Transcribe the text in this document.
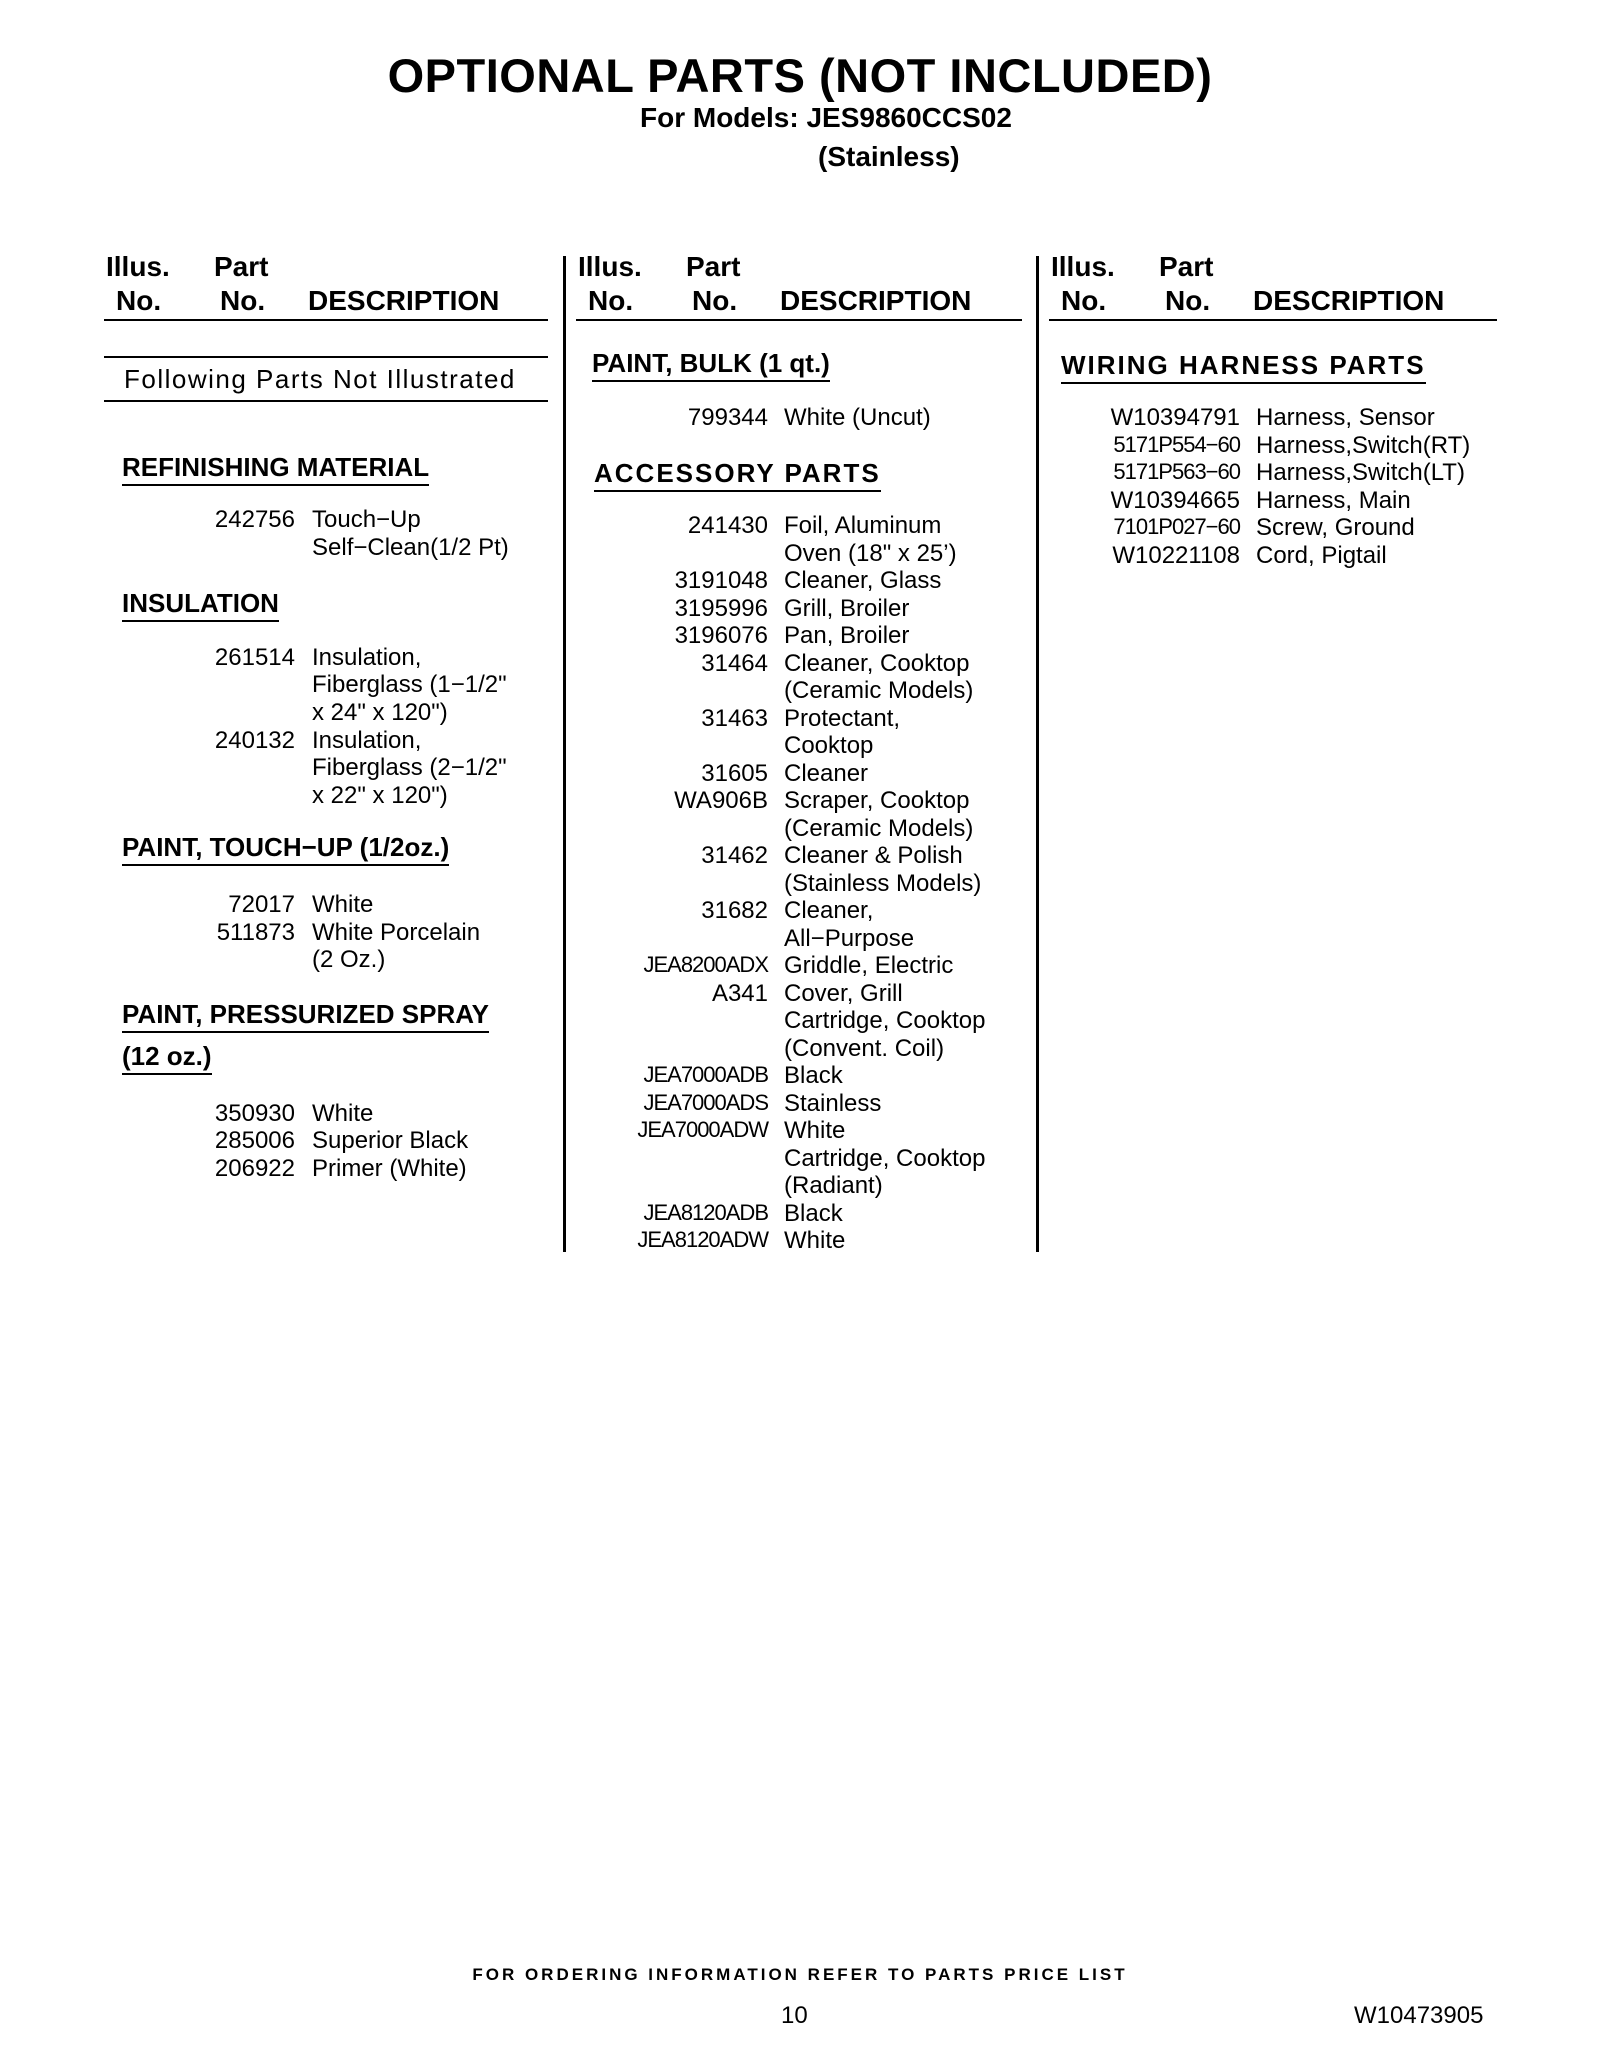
OPTIONAL PARTS (NOT INCLUDED)
For Models: JES9860CCS02
(Stainless)
Illus.
No.
Part
No. DESCRIPTION
Illus.
No.
Part
No. DESCRIPTION
Illus.
No.
Part
No. DESCRIPTION
Following Parts Not Illustrated
REFINISHING MATERIAL
242756 Touch−Up
Self−Clean(1/2 Pt)
INSULATION
261514 Insulation,
Fiberglass (1−1/2"
x 24" x 120")
240132 Insulation,
Fiberglass (2−1/2"
x 22" x 120")
PAINT, TOUCH−UP (1/2oz.)
72017 White
511873 White Porcelain
(2 Oz.)
PAINT, PRESSURIZED SPRAY
(12 oz.)
350930 White
285006 Superior Black
206922 Primer (White)
PAINT, BULK (1 qt.)
799344 White (Uncut)
ACCESSORY PARTS
241430 Foil, Aluminum
Oven (18" x 25’)
3191048 Cleaner, Glass
3195996 Grill, Broiler
3196076 Pan, Broiler
31464 Cleaner, Cooktop
(Ceramic Models)
31463 Protectant,
Cooktop
31605 Cleaner
WA906B Scraper, Cooktop
(Ceramic Models)
31462 Cleaner & Polish
(Stainless Models)
31682 Cleaner,
All−Purpose
JEA8200ADX Griddle, Electric
A341 Cover, Grill
Cartridge, Cooktop
(Convent. Coil)
JEA7000ADB Black
JEA7000ADS Stainless
JEA7000ADW White
Cartridge, Cooktop
(Radiant)
JEA8120ADB Black
JEA8120ADW White
WIRING HARNESS PARTS
W10394791 Harness, Sensor
5171P554−60 Harness,Switch(RT)
5171P563−60 Harness,Switch(LT)
W10394665 Harness, Main
7101P027−60 Screw, Ground
W10221108 Cord, Pigtail
FOR ORDERING INFORMATION REFER TO PARTS PRICE LIST
10	W10473905
